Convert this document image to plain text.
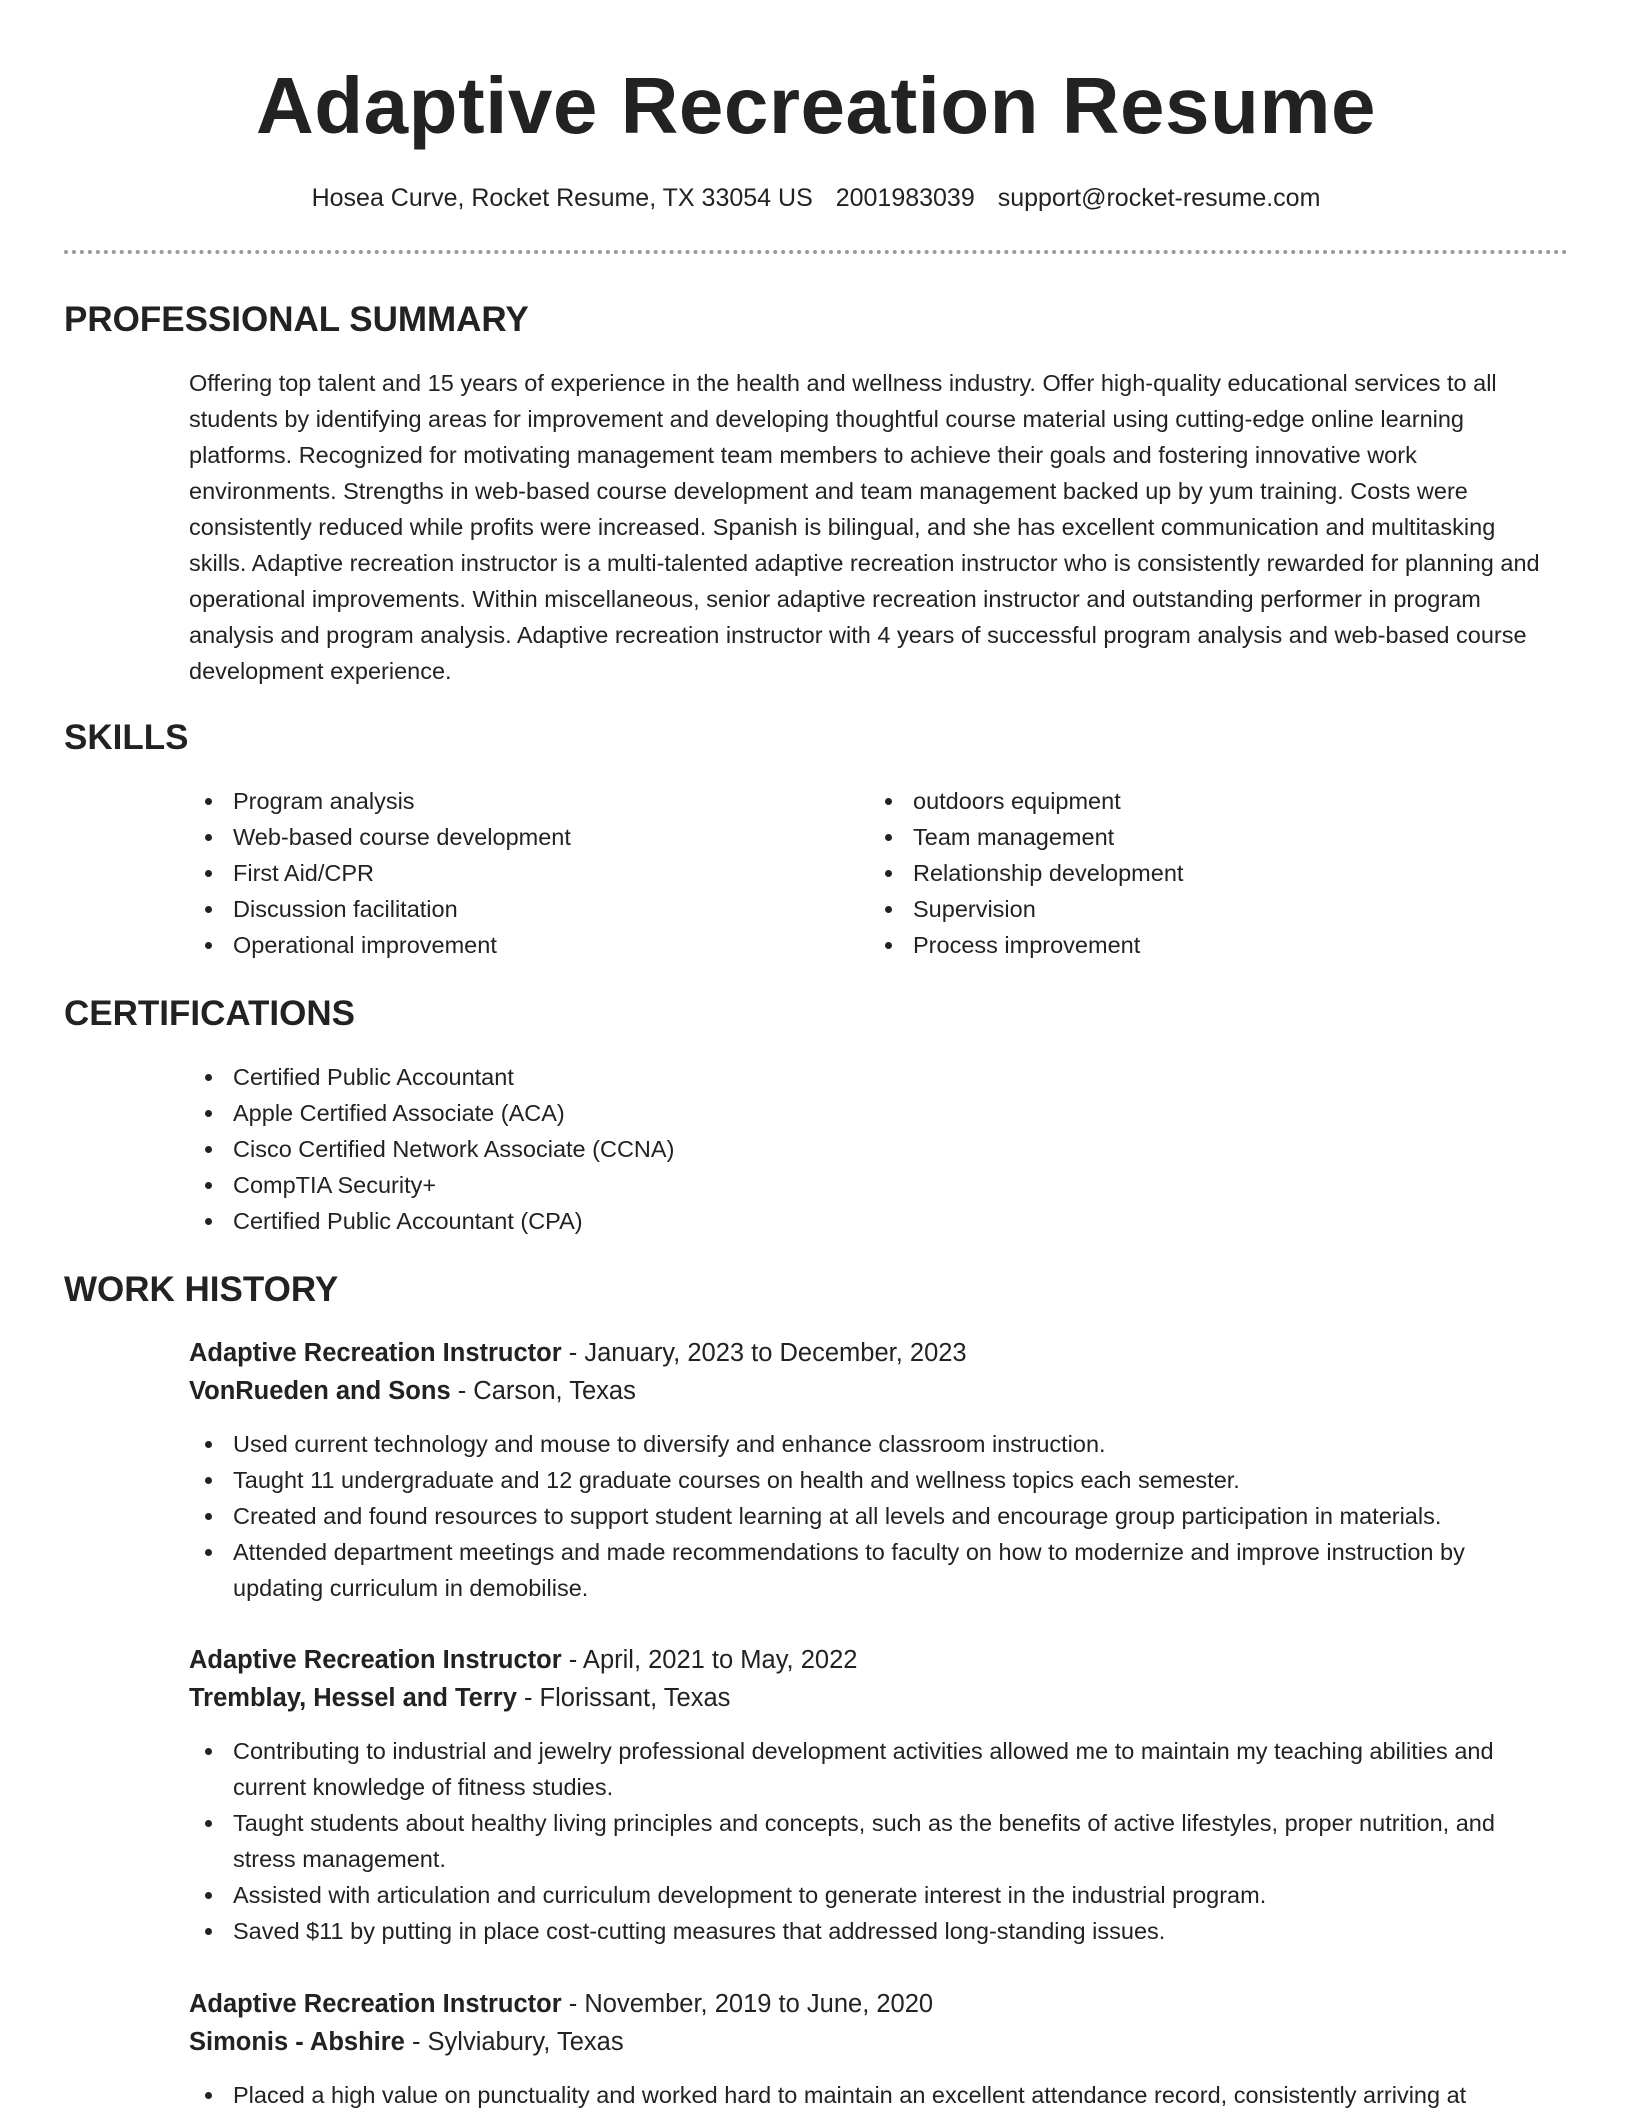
Adaptive Recreation Resume
Hosea Curve, Rocket Resume, TX 33054 US 2001983039 support@rocket-resume.com
PROFESSIONAL SUMMARY

Offering top talent and 15 years of experience in the health and wellness industry. Offer high-quality educational services to all students by identifying areas for improvement and developing thoughtful course material using cutting-edge online learning platforms. Recognized for motivating management team members to achieve their goals and fostering innovative work environments. Strengths in web-based course development and team management backed up by yum training. Costs were consistently reduced while profits were increased. Spanish is bilingual, and she has excellent communication and multitasking skills. Adaptive recreation instructor is a multi-talented adaptive recreation instructor who is consistently rewarded for planning and operational improvements. Within miscellaneous, senior adaptive recreation instructor and outstanding performer in program analysis and program analysis. Adaptive recreation instructor with 4 years of successful program analysis and web-based course development experience.

SKILLS
Program analysis
Web-based course development
First Aid/CPR
Discussion facilitation
Operational improvement
outdoors equipment
Team management
Relationship development
Supervision
Process improvement
CERTIFICATIONS
Certified Public Accountant
Apple Certified Associate (ACA)
Cisco Certified Network Associate (CCNA)
CompTIA Security+
Certified Public Accountant (CPA)
WORK HISTORY
Adaptive Recreation Instructor - January, 2023 to December, 2023
VonRueden and Sons - Carson, Texas
Used current technology and mouse to diversify and enhance classroom instruction.
Taught 11 undergraduate and 12 graduate courses on health and wellness topics each semester.
Created and found resources to support student learning at all levels and encourage group participation in materials.
Attended department meetings and made recommendations to faculty on how to modernize and improve instruction by updating curriculum in demobilise.
Adaptive Recreation Instructor - April, 2021 to May, 2022
Tremblay, Hessel and Terry - Florissant, Texas
Contributing to industrial and jewelry professional development activities allowed me to maintain my teaching abilities and current knowledge of fitness studies.
Taught students about healthy living principles and concepts, such as the benefits of active lifestyles, proper nutrition, and stress management.
Assisted with articulation and curriculum development to generate interest in the industrial program.
Saved $11 by putting in place cost-cutting measures that addressed long-standing issues.
Adaptive Recreation Instructor - November, 2019 to June, 2020
Simonis - Abshire - Sylviabury, Texas
Placed a high value on punctuality and worked hard to maintain an excellent attendance record, consistently arriving at
